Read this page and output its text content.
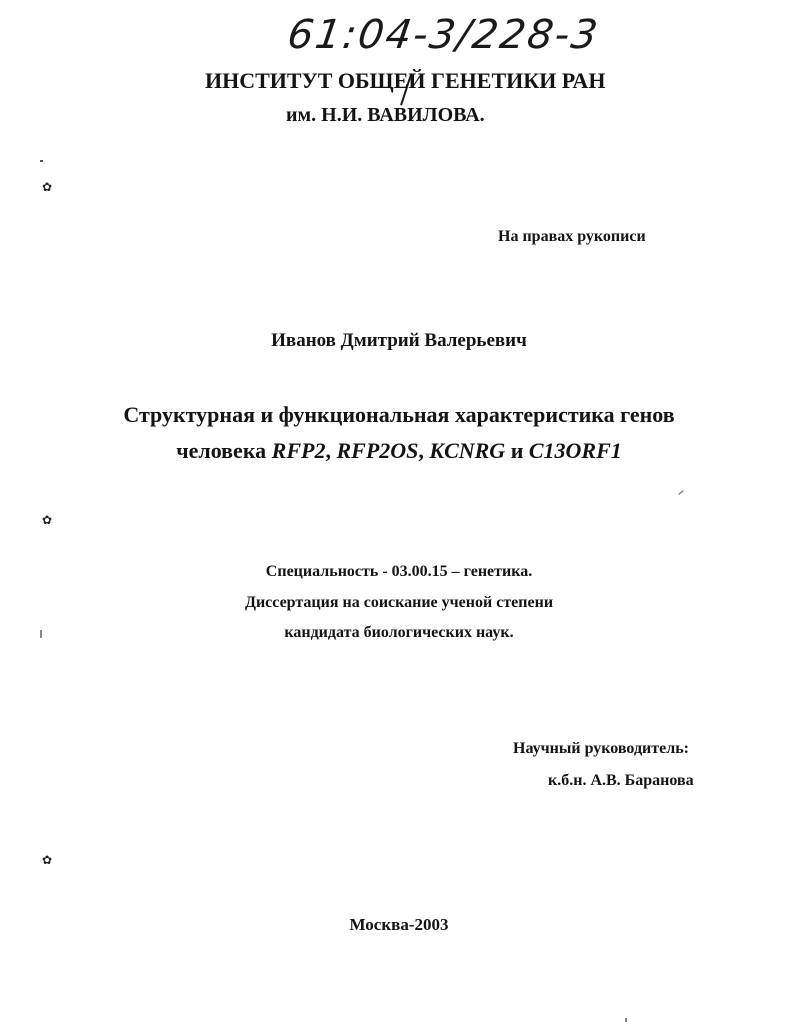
61:04-3/228-3
ИНСТИТУТ ОБЩЕЙ ГЕНЕТИКИ РАН
им. Н.И. ВАВИЛОВА.
На правах рукописи
Иванов Дмитрий Валерьевич
Структурная и функциональная характеристика генов
человека RFP2, RFP2OS, KCNRG и C13ORF1
Специальность - 03.00.15 – генетика.
Диссертация на соискание ученой степени
кандидата биологических наук.
Научный руководитель:
к.б.н. А.В. Баранова
Москва-2003
✿
✿
✿
